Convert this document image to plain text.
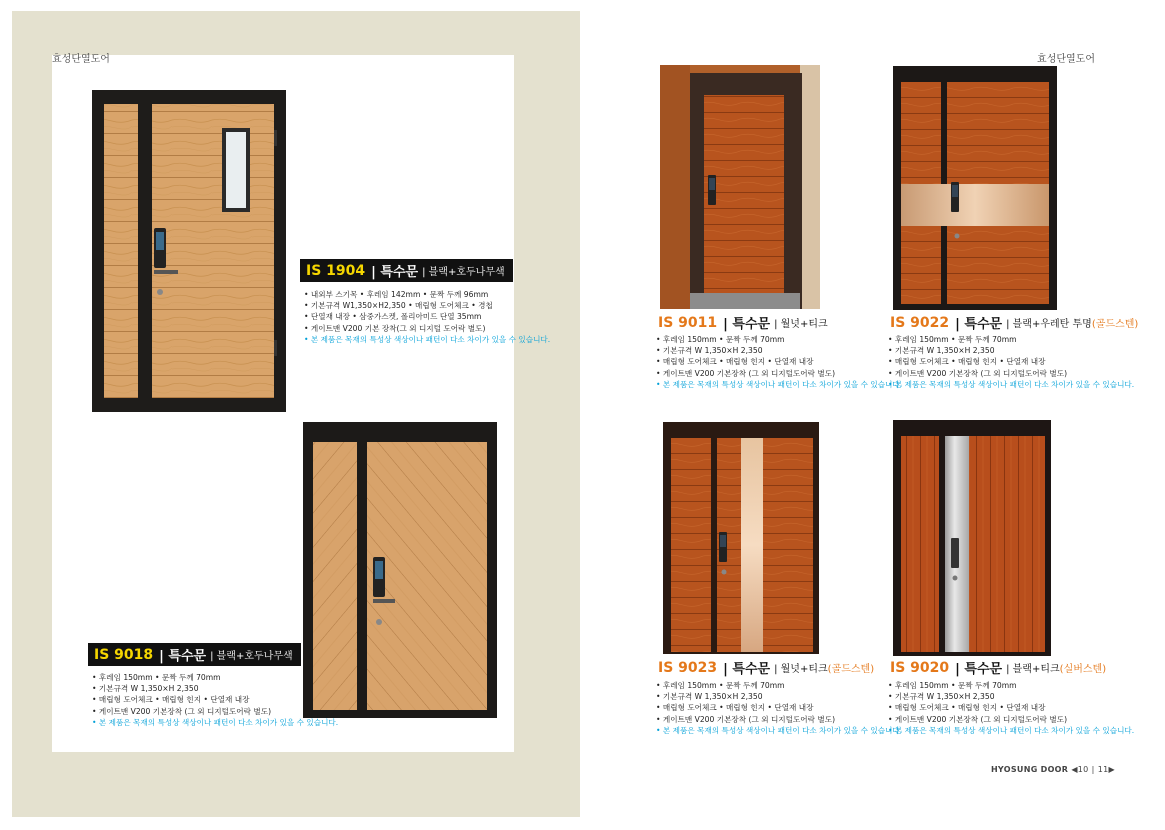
효성단열도어	효성단열도어
IS 1904 | 특수문 | 블랙+호두나무색
• 내외부 스기목 • 후레임 142mm • 문짝 두께 96mm
• 기본규격 W1,350×H2,350 • 매립형 도어체크 • 경첩
• 단열재 내장 • 삼중가스켓, 폴리아미드 단열 35mm
• 게이트맨 V200 기본 장착(그 외 디지털 도어락 별도)
• 본 제품은 목재의 특성상 색상이나 패턴이 다소 차이가 있을 수 있습니다.
IS 9018 | 특수문 | 블랙+호두나무색
• 후레임 150mm • 문짝 두께 70mm
• 기본규격 W 1,350×H 2,350
• 매립형 도어체크 • 매립형 힌지 • 단열재 내장
• 게이트맨 V200 기본장착 (그 외 디지털도어락 별도)
• 본 제품은 목재의 특성상 색상이나 패턴이 다소 차이가 있을 수 있습니다.
IS 9011 | 특수문 | 월넛+티크
• 후레임 150mm • 문짝 두께 70mm
• 기본규격 W 1,350×H 2,350
• 매립형 도어체크 • 매립형 힌지 • 단열재 내장
• 게이트맨 V200 기본장착 (그 외 디지털도어락 별도)
• 본 제품은 목재의 특성상 색상이나 패턴이 다소 차이가 있을 수 있습니다.
IS 9022 | 특수문 | 블랙+우레탄 투명 (골드스텐)
• 후레임 150mm • 문짝 두께 70mm
• 기본규격 W 1,350×H 2,350
• 매립형 도어체크 • 매립형 힌지 • 단열재 내장
• 게이트맨 V200 기본장착 (그 외 디지털도어락 별도)
• 본 제품은 목재의 특성상 색상이나 패턴이 다소 차이가 있을 수 있습니다.
IS 9023 | 특수문 | 월넛+티크 (골드스텐)
• 후레임 150mm • 문짝 두께 70mm
• 기본규격 W 1,350×H 2,350
• 매립형 도어체크 • 매립형 힌지 • 단열재 내장
• 게이트맨 V200 기본장착 (그 외 디지털도어락 별도)
• 본 제품은 목재의 특성상 색상이나 패턴이 다소 차이가 있을 수 있습니다.
IS 9020 | 특수문 | 블랙+티크 (실버스텐)
• 후레임 150mm • 문짝 두께 70mm
• 기본규격 W 1,350×H 2,350
• 매립형 도어체크 • 매립형 힌지 • 단열재 내장
• 게이트맨 V200 기본장착 (그 외 디지털도어락 별도)
• 본 제품은 목재의 특성상 색상이나 패턴이 다소 차이가 있을 수 있습니다.
HYOSUNG DOOR ◀10 | 11▶
